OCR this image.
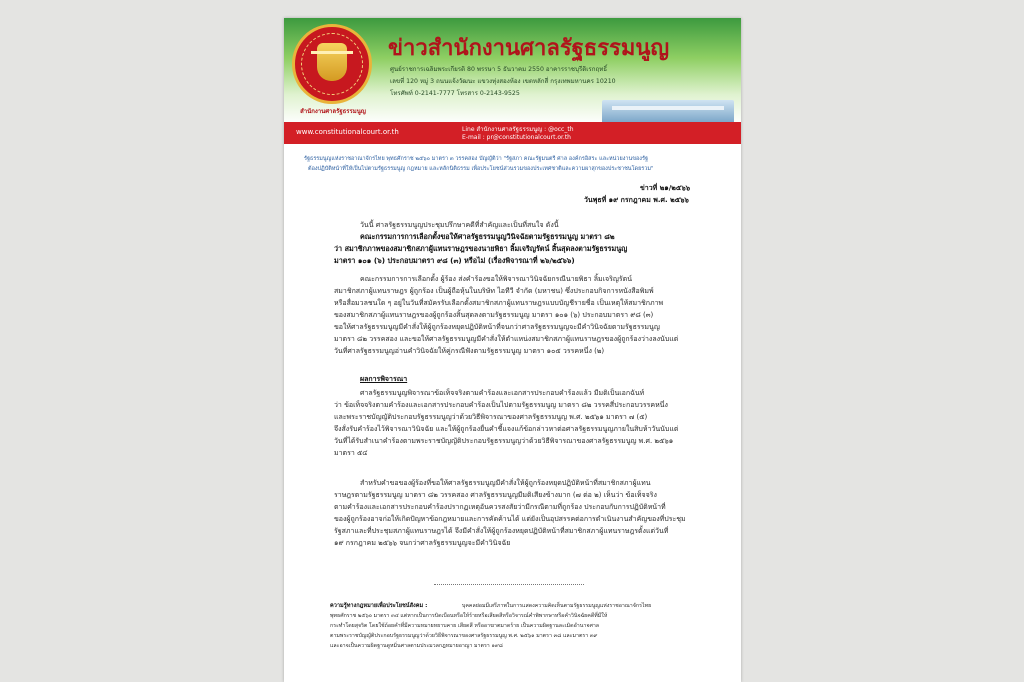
สำนักงานศาลรัฐธรรมนูญ
ข่าวสำนักงานศาลรัฐธรรมนูญ
ศูนย์ราชการเฉลิมพระเกียรติ 80 พรรษา 5 ธันวาคม 2550 อาคารราชบุรีดิเรกฤทธิ์
เลขที่ 120 หมู่ 3 ถนนแจ้งวัฒนะ แขวงทุ่งสองห้อง เขตหลักสี่ กรุงเทพมหานคร 10210
โทรศัพท์ 0-2141-7777 โทรสาร 0-2143-9525
www.constitutionalcourt.or.th	Line สำนักงานศาลรัฐธรรมนูญ : @occ_th
E-mail : pr@constitutionalcourt.or.th
รัฐธรรมนูญแห่งราชอาณาจักรไทย พุทธศักราช ๒๕๖๐ มาตรา ๓ วรรคสอง บัญญัติว่า "รัฐสภา คณะรัฐมนตรี ศาล องค์กรอิสระ และหน่วยงานของรัฐ
ต้องปฏิบัติหน้าที่ให้เป็นไปตามรัฐธรรมนูญ กฎหมาย และหลักนิติธรรม เพื่อประโยชน์ส่วนรวมของประเทศชาติและความผาสุกของประชาชนโดยรวม"
ข่าวที่ ๒๑/๒๕๖๖
วันพุธที่ ๑๙ กรกฎาคม พ.ศ. ๒๕๖๖
วันนี้ ศาลรัฐธรรมนูญประชุมปรึกษาคดีที่สำคัญและเป็นที่สนใจ ดังนี้
คณะกรรมการการเลือกตั้งขอให้ศาลรัฐธรรมนูญวินิจฉัยตามรัฐธรรมนูญ มาตรา ๘๒
ว่า สมาชิกภาพของสมาชิกสภาผู้แทนราษฎรของนายพิธา ลิ้มเจริญรัตน์ สิ้นสุดลงตามรัฐธรรมนูญ
มาตรา ๑๐๑ (๖) ประกอบมาตรา ๙๘ (๓) หรือไม่ (เรื่องพิจารณาที่ ๒๖/๒๕๖๖)
คณะกรรมการการเลือกตั้ง ผู้ร้อง ส่งคำร้องขอให้พิจารณาวินิจฉัยกรณีนายพิธา ลิ้มเจริญรัตน์
สมาชิกสภาผู้แทนราษฎร ผู้ถูกร้อง เป็นผู้ถือหุ้นในบริษัท ไอทีวี จำกัด (มหาชน) ซึ่งประกอบกิจการหนังสือพิมพ์
หรือสื่อมวลชนใด ๆ อยู่ในวันที่สมัครรับเลือกตั้งสมาชิกสภาผู้แทนราษฎรแบบบัญชีรายชื่อ เป็นเหตุให้สมาชิกภาพ
ของสมาชิกสภาผู้แทนราษฎรของผู้ถูกร้องสิ้นสุดลงตามรัฐธรรมนูญ มาตรา ๑๐๑ (๖) ประกอบมาตรา ๙๘ (๓)
ขอให้ศาลรัฐธรรมนูญมีคำสั่งให้ผู้ถูกร้องหยุดปฏิบัติหน้าที่จนกว่าศาลรัฐธรรมนูญจะมีคำวินิจฉัยตามรัฐธรรมนูญ
มาตรา ๘๒ วรรคสอง และขอให้ศาลรัฐธรรมนูญมีคำสั่งให้ตำแหน่งสมาชิกสภาผู้แทนราษฎรของผู้ถูกร้องว่างลงนับแต่
วันที่ศาลรัฐธรรมนูญอ่านคำวินิจฉัยให้คู่กรณีฟังตามรัฐธรรมนูญ มาตรา ๑๐๕ วรรคหนึ่ง (๒)
ผลการพิจารณา
ศาลรัฐธรรมนูญพิจารณาข้อเท็จจริงตามคำร้องและเอกสารประกอบคำร้องแล้ว มีมติเป็นเอกฉันท์
ว่า ข้อเท็จจริงตามคำร้องและเอกสารประกอบคำร้องเป็นไปตามรัฐธรรมนูญ มาตรา ๘๒ วรรคสี่ประกอบวรรคหนึ่ง
และพระราชบัญญัติประกอบรัฐธรรมนูญว่าด้วยวิธีพิจารณาของศาลรัฐธรรมนูญ พ.ศ. ๒๕๖๑ มาตรา ๗ (๕)
จึงสั่งรับคำร้องไว้พิจารณาวินิจฉัย และให้ผู้ถูกร้องยื่นคำชี้แจงแก้ข้อกล่าวหาต่อศาลรัฐธรรมนูญภายในสิบห้าวันนับแต่
วันที่ได้รับสำเนาคำร้องตามพระราชบัญญัติประกอบรัฐธรรมนูญว่าด้วยวิธีพิจารณาของศาลรัฐธรรมนูญ พ.ศ. ๒๕๖๑
มาตรา ๕๔
สำหรับคำขอของผู้ร้องที่ขอให้ศาลรัฐธรรมนูญมีคำสั่งให้ผู้ถูกร้องหยุดปฏิบัติหน้าที่สมาชิกสภาผู้แทน
ราษฎรตามรัฐธรรมนูญ มาตรา ๘๒ วรรคสอง ศาลรัฐธรรมนูญมีมติเสียงข้างมาก (๗ ต่อ ๒) เห็นว่า ข้อเท็จจริง
ตามคำร้องและเอกสารประกอบคำร้องปรากฏเหตุอันควรสงสัยว่ามีกรณีตามที่ถูกร้อง ประกอบกับการปฏิบัติหน้าที่
ของผู้ถูกร้องอาจก่อให้เกิดปัญหาข้อกฎหมายและการคัดค้านได้ แต่ยังเป็นอุปสรรคต่อการดำเนินงานสำคัญของที่ประชุม
รัฐสภาและที่ประชุมสภาผู้แทนราษฎรได้ จึงมีคำสั่งให้ผู้ถูกร้องหยุดปฏิบัติหน้าที่สมาชิกสภาผู้แทนราษฎรตั้งแต่วันที่
๑๙ กรกฎาคม ๒๕๖๖ จนกว่าศาลรัฐธรรมนูญจะมีคำวินิจฉัย
ความรู้ทางกฎหมายเพื่อประโยชน์สังคม :	บุคคลย่อมมีเสรีภาพในการแสดงความคิดเห็นตามรัฐธรรมนูญแห่งราชอาณาจักรไทย
พุทธศักราช ๒๕๖๐ มาตรา ๓๔ แต่หากเป็นการบิดเบือนหรือให้ร้ายหรือเสียดสีหรือวิจารณ์คำพิพากษาหรือคำวินิจฉัยคดีที่มีให้
กระทำโดยสุจริต โดยใช้ถ้อยคำที่มีความหมายหยาบคาย เสียดสี หรืออาฆาตมาดร้าย เป็นความผิดฐานละเมิดอำนาจศาล
ตามพระราชบัญญัติประกอบรัฐธรรมนูญว่าด้วยวิธีพิจารณาของศาลรัฐธรรมนูญ พ.ศ. ๒๕๖๑ มาตรา ๓๘ และมาตรา ๓๙
และอาจเป็นความผิดฐานดูหมิ่นศาลตามประมวลกฎหมายอาญา มาตรา ๑๙๘
